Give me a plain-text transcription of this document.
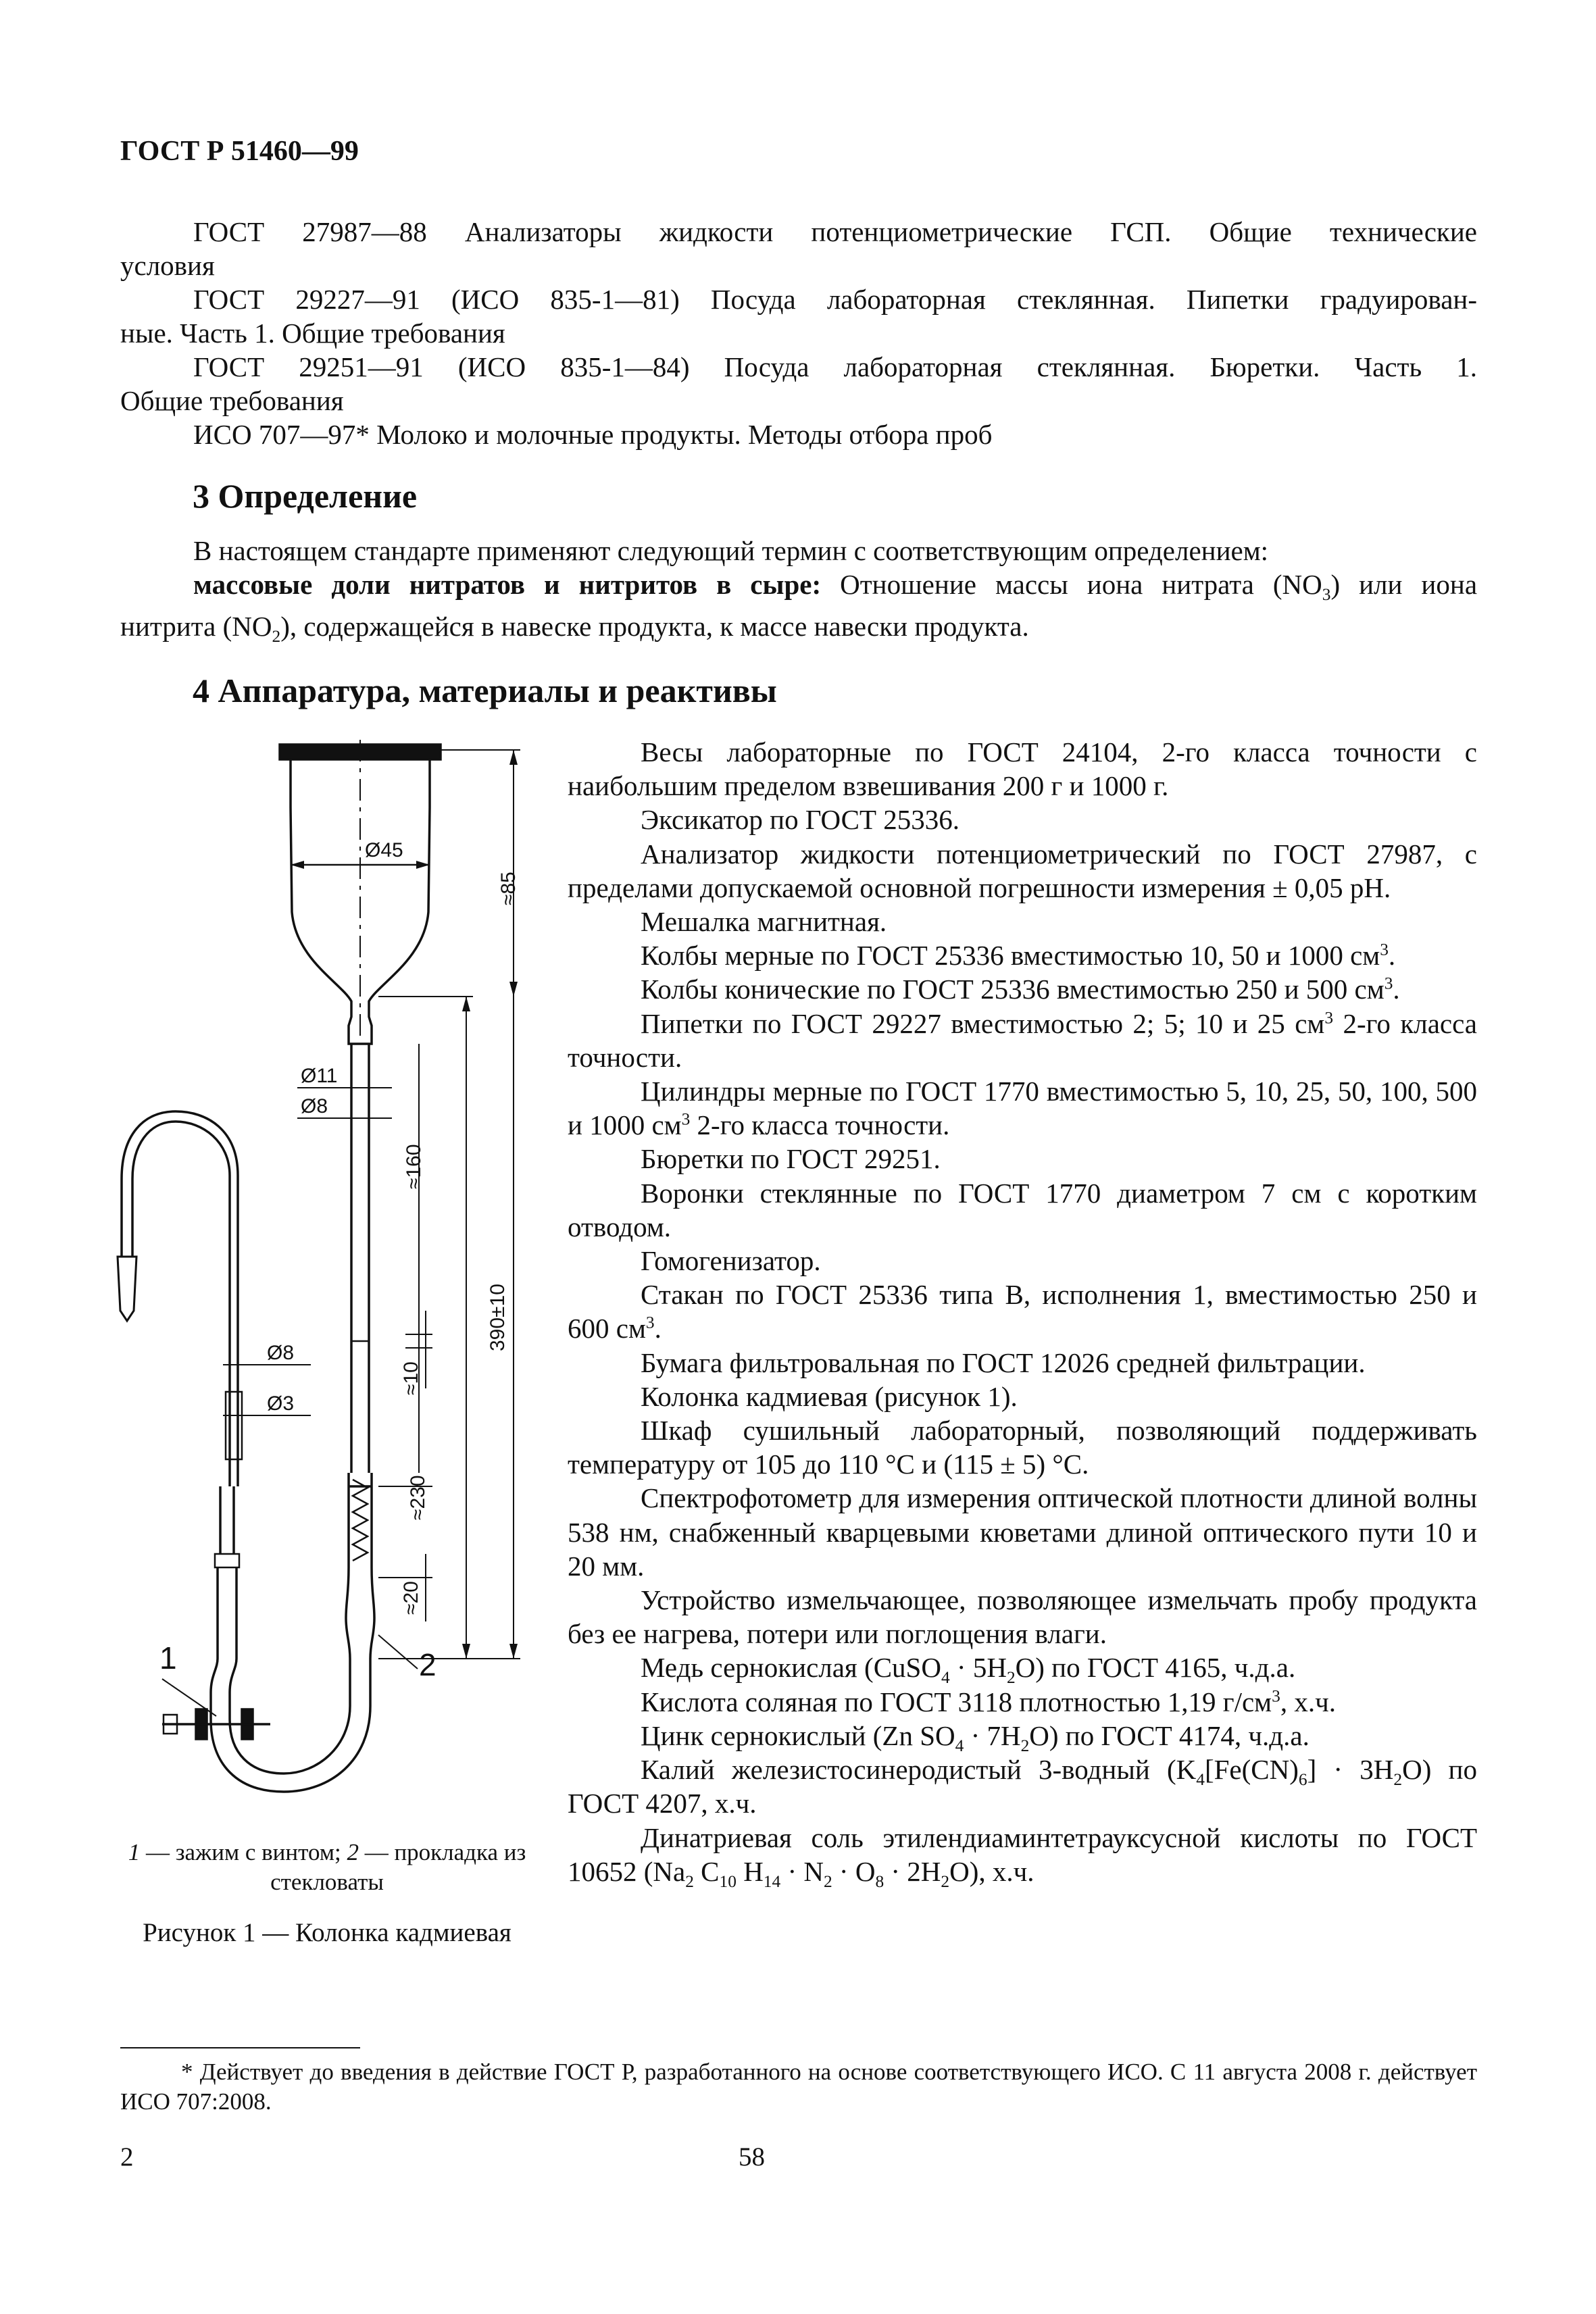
ГОСТ Р 51460—99
ГОСТ 27987—88 Анализаторы жидкости потенциометрические ГСП. Общие технические
условия
ГОСТ 29227—91 (ИСО 835-1—81) Посуда лабораторная стеклянная. Пипетки градуирован-
ные. Часть 1. Общие требования
ГОСТ 29251—91 (ИСО 835-1—84) Посуда лабораторная стеклянная. Бюретки. Часть 1.
Общие требования
ИСО 707—97* Молоко и молочные продукты. Методы отбора проб
3 Определение
В настоящем стандарте применяют следующий термин с соответствующим определением:
массовые доли нитратов и нитритов в сыре: Отношение массы иона нитрата $(NO_3)$ или иона
нитрита $(NO_2)$, содержащейся в навеске продукта, к массе навески продукта.
4 Аппаратура, материалы и реактивы
Ø45
≈85
Ø11
Ø8
≈160
390±10
≈10
≈230
≈20
Ø8
Ø3
1	2
1 — зажим с винтом; 2 — прокладка из стекловаты
Рисунок 1 — Колонка кадмиевая

Весы лабораторные по ГОСТ 24104, 2-го класса точности с наибольшим пределом взвешивания 200 г и 1000 г.

Эксикатор по ГОСТ 25336.

Анализатор жидкости потенциометрический по ГОСТ 27987, с пределами допускаемой основной погрешности измерения ± 0,05 pH.

Мешалка магнитная.

Колбы мерные по ГОСТ 25336 вместимостью 10, 50 и 1000 $см^3$.

Колбы конические по ГОСТ 25336 вместимостью 250 и 500 $см^3$.

Пипетки по ГОСТ 29227 вместимостью 2; 5; 10 и 25 $см^3$ 2-го класса точности.

Цилиндры мерные по ГОСТ 1770 вместимостью 5, 10, 25, 50, 100, 500 и 1000 $см^3$ 2-го класса точности.

Бюретки по ГОСТ 29251.

Воронки стеклянные по ГОСТ 1770 диаметром 7 см с коротким отводом.

Гомогенизатор.

Стакан по ГОСТ 25336 типа В, исполнения 1, вместимостью 250 и 600 $см^3$.

Бумага фильтровальная по ГОСТ 12026 средней фильтрации.

Колонка кадмиевая (рисунок 1).

Шкаф сушильный лабораторный, позволяющий поддерживать температуру от 105 до 110 °С и (115 ± 5) °С.

Спектрофотометр для измерения оптической плотности длиной волны 538 нм, снабженный кварцевыми кюветами длиной оптического пути 10 и 20 мм.

Устройство измельчающее, позволяющее измельчать пробу продукта без ее нагрева, потери или поглощения влаги.

Медь сернокислая (CuSO$_4$ · $5H_2O$) по ГОСТ 4165, ч.д.а.

Кислота соляная по ГОСТ 3118 плотностью 1,19 $г/см^3$, х.ч.

Цинк сернокислый (Zn $SO_4 \cdot 7H_2O$) по ГОСТ 4174, ч.д.а.

Калий железистосинеродистый 3-водный $(K_4[Fe(CN)_6] \cdot 3H_2O)$ по ГОСТ 4207, х.ч.

Динатриевая соль этилендиаминтетрауксусной кислоты по ГОСТ 10652 ($Na_2$ $C_{10}$ $H_{14} \cdot N_2 \cdot O_8 \cdot 2H_2O$), х.ч.

* Действует до введения в действие ГОСТ Р, разработанного на основе соответствующего ИСО. С 11 августа 2008 г. действует ИСО 707:2008.
2	58
